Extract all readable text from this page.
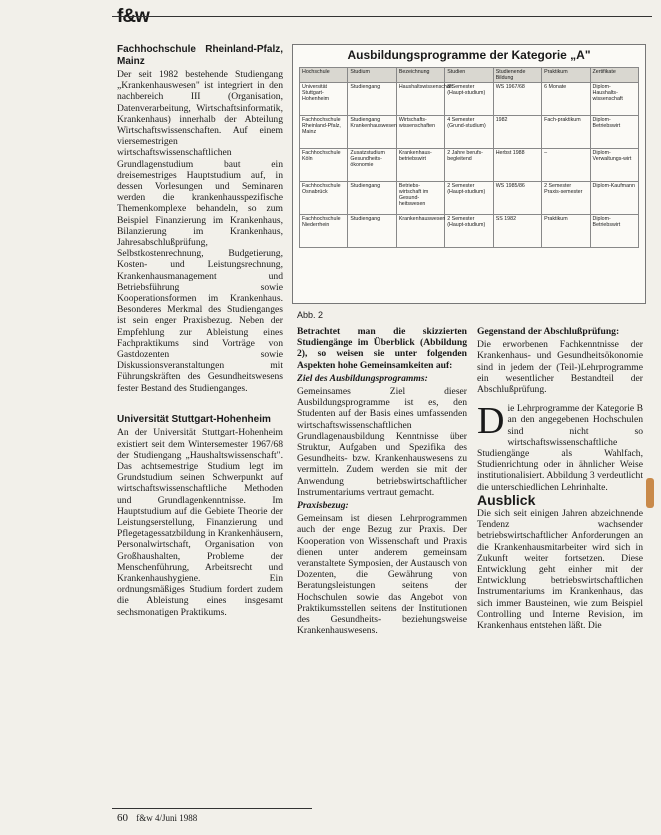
f&w

Fachhochschule Rheinland-Pfalz, Mainz

Der seit 1982 bestehende Studiengang „Krankenhauswesen" ist integriert in den nachbereich III (Organisation, Datenverarbeitung, Wirtschaftsinformatik, Krankenhaus) innerhalb der Abteilung Wirtschaftswissenschaften. Auf einem viersemestrigen wirtschaftswissenschaftlichen Grundlagenstudium baut ein dreisemestriges Hauptstudium auf, in dessen Vorlesungen und Seminaren werden die krankenhausspezifische Themenkomplexe behandeln, so zum Beispiel Finanzierung im Krankenhaus, Bilanzierung im Krankenhaus, Jahresabschlußprüfung, Selbstkostenrechnung, Budgetierung, Kosten- und Leistungsrechnung, Krankenhausmanagement und Betriebsführung sowie Kooperationsformen im Krankenhaus. Besonderes Merkmal des Studienganges ist sein enger Praxisbezug. Neben der Empfehlung zur Ableistung eines Fachpraktikums sind Vorträge von Gastdozenten sowie Diskussionsveranstaltungen mit Führungskräften des Gesundheitswesens fester Bestand des Studienganges.

Universität Stuttgart-Hohenheim

An der Universität Stuttgart-Hohenheim existiert seit dem Wintersemester 1967/68 der Studiengang „Haushaltswissenschaft". Das achtsemestrige Studium legt im Grundstudium seinen Schwerpunkt auf wirtschaftswissenschaftliche Methoden und Grundlagenkenntnisse. Im Hauptstudium auf die Gebiete Theorie der Leistungserstellung, Finanzierung und Pflegetagessatzbildung in Krankenhäusern, Personalwirtschaft, Organisation von Großhaushalten, Probleme der Menschenführung, Arbeitsrecht und Krankenhaushygiene. Ein ordnungsmäßiges Studium fordert zudem die Ableistung eines insgesamt sechsmonatigen Praktikums.

Ausbildungsprogramme der Kategorie „A"
Hochschule	Studium	Bezeichnung	Studien	Studienende Bildung	Praktikum	Zertifikate
Universität Stuttgart-Hohenheim	Studiengang	Haushaltswissenschaft	8 Semester (Haupt-studium)	WS 1967/68	6 Monate	Diplom-Haushalts-wissenschaft
Fachhochschule Rheinland-Pfalz, Mainz	Studiengang Krankenhauswesen	Wirtschafts-wissenschaften	4 Semester (Grund-studium)	1982	Fach-praktikum	Diplom-Betriebswirt
Fachhochschule Köln	Zusatzstudium Gesundheits-ökonomie	Krankenhaus-betriebswirt	2 Jahre berufs-begleitend	Herbst 1988	–	Diplom-Verwaltungs-wirt
Fachhochschule Osnabrück	Studiengang	Betriebs-wirtschaft im Gesund-heitswesen	2 Semester (Haupt-studium)	WS 1985/86	2 Semester Praxis-semester	Diplom-Kaufmann
Fachhochschule Niederrhein	Studiengang	Krankenhauswesen	2 Semester (Haupt-studium)	SS 1982	Praktikum	Diplom-Betriebswirt
Abb. 2

Betrachtet man die skizzierten Studiengänge im Überblick (Abbildung 2), so weisen sie unter folgenden Aspekten hohe Gemeinsamkeiten auf:

Ziel des Ausbildungsprogramms:

Gemeinsames Ziel dieser Ausbildungsprogramme ist es, den Studenten auf der Basis eines umfassenden wirtschaftswissenschaftlichen Grundlagenausbildung Kenntnisse über Struktur, Aufgaben und Spezifika des Gesundheits- bzw. Krankenhauswesens zu vermitteln. Zudem werden sie mit der Anwendung betriebswirtschaftlicher Instrumentariums vertraut gemacht.

Praxisbezug:

Gemeinsam ist diesen Lehrprogrammen auch der enge Bezug zur Praxis. Der Kooperation von Wissenschaft und Praxis dienen unter anderem gemeinsam veranstaltete Symposien, der Austausch von Dozenten, die Gewährung von Beratungsleistungen seitens der Hochschulen sowie das Angebot von Praktikumsstellen seitens der Institutionen des Gesundheits- beziehungsweise Krankenhauswesens.

Gegenstand der Abschlußprüfung:

Die erworbenen Fachkenntnisse der Krankenhaus- und Gesundheitsökonomie sind in jedem der (Teil-)Lehrprogramme ein wesentlicher Bestandteil der Abschlußprüfung.

Die Lehrprogramme der Kategorie B an den angegebenen Hochschulen sind nicht so wirtschaftswissenschaftliche Studiengänge als Wahlfach, Studienrichtung oder in ähnlicher Weise institutionalisiert. Abbildung 3 verdeutlicht die unterschiedlichen Lehrinhalte.

Ausblick

Die sich seit einigen Jahren abzeichnende Tendenz wachsender betriebswirtschaftlicher Anforderungen an die Krankenhausmitarbeiter wird sich in Zukunft weiter fortsetzen. Diese Entwicklung geht einher mit der Entwicklung betriebswirtschaftlichen Instrumentariums im Krankenhaus, das sich immer Bausteinen, wie zum Beispiel Controlling und Interne Revision, im Krankenhaus entstehen läßt. Die

60 f&w 4/Juni 1988
